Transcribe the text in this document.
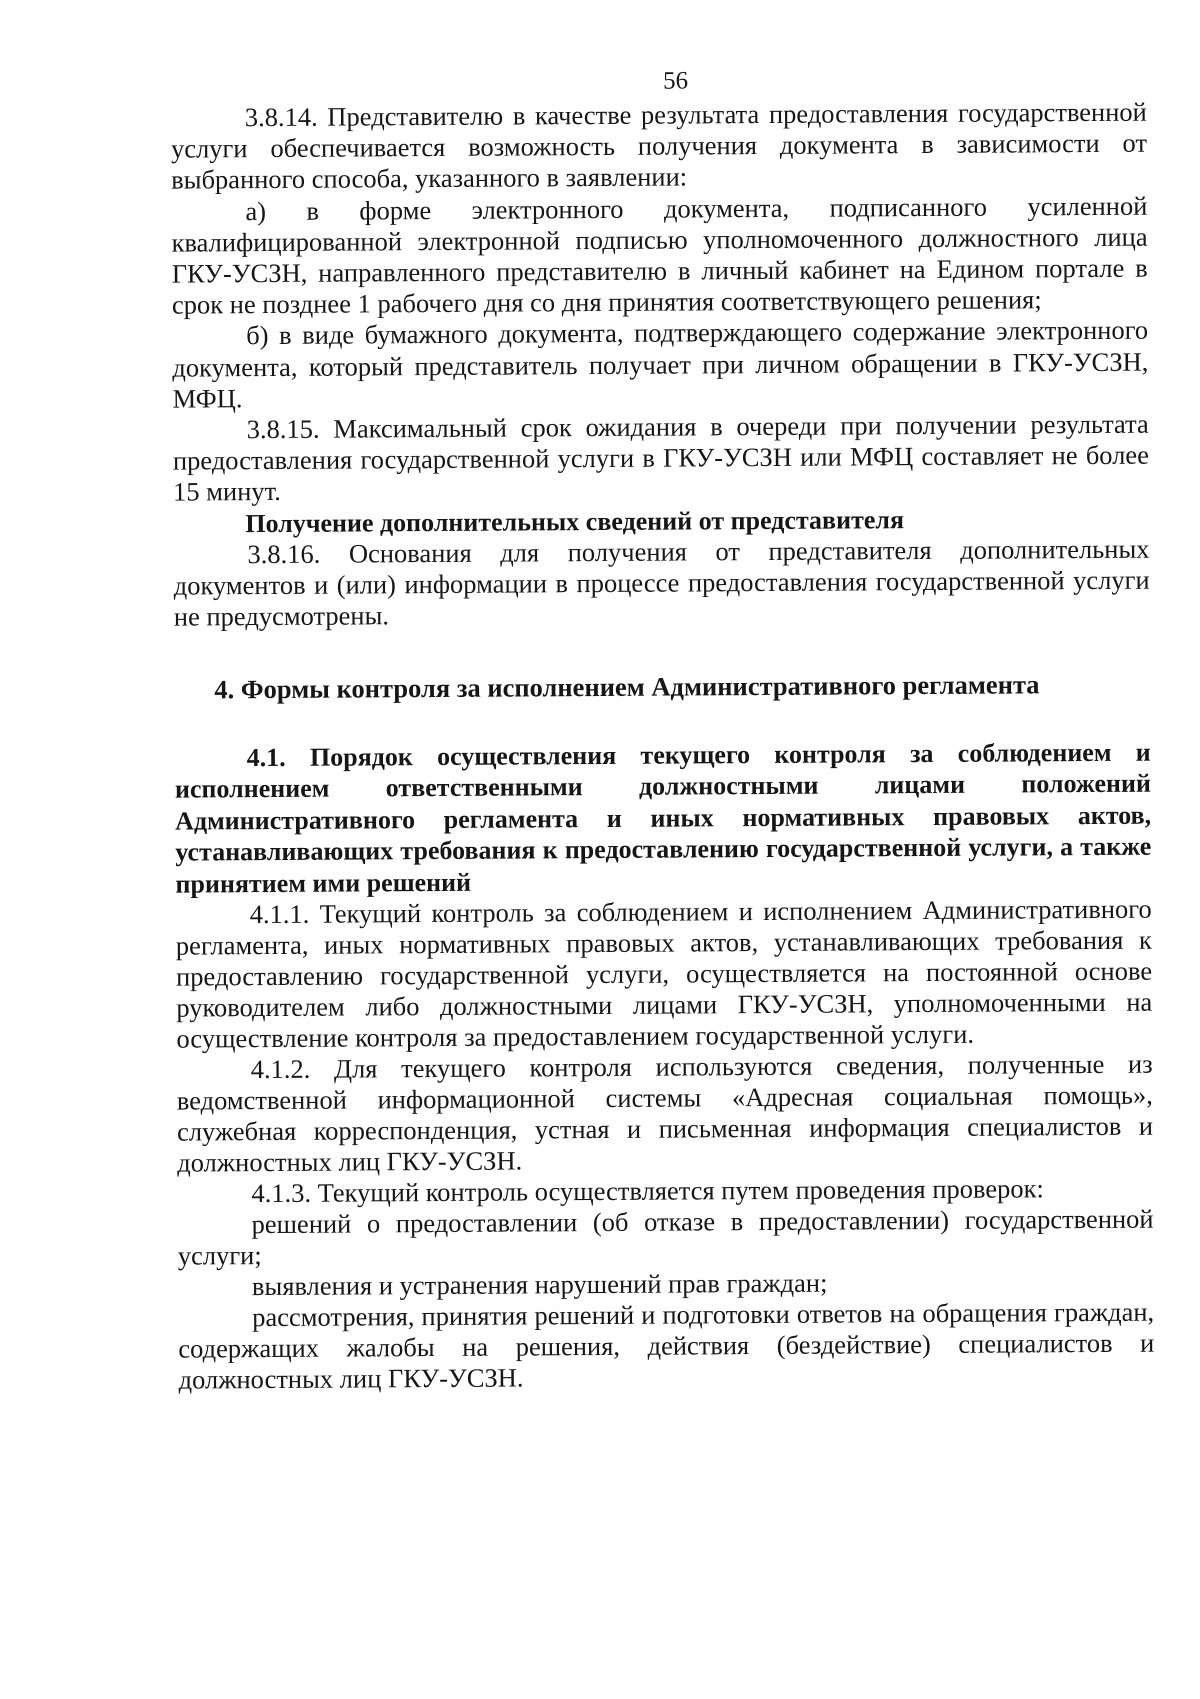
56

3.8.14. Представителю в качестве результата предоставления государственной услуги обеспечивается возможность получения документа в зависимости от выбранного способа, указанного в заявлении:

а) в форме электронного документа, подписанного усиленной квалифицированной электронной подписью уполномоченного должностного лица ГКУ-УСЗН, направленного представителю в личный кабинет на Едином портале в срок не позднее 1 рабочего дня со дня принятия соответствующего решения;

б) в виде бумажного документа, подтверждающего содержание электронного документа, который представитель получает при личном обращении в ГКУ-УСЗН, МФЦ.

3.8.15. Максимальный срок ожидания в очереди при получении результата предоставления государственной услуги в ГКУ-УСЗН или МФЦ составляет не более 15 минут.

Получение дополнительных сведений от представителя

3.8.16. Основания для получения от представителя дополнительных документов и (или) информации в процессе предоставления государственной услуги не предусмотрены.

4. Формы контроля за исполнением Административного регламента

4.1. Порядок осуществления текущего контроля за соблюдением и исполнением ответственными должностными лицами положений Административного регламента и иных нормативных правовых актов, устанавливающих требования к предоставлению государственной услуги, а также принятием ими решений

4.1.1. Текущий контроль за соблюдением и исполнением Административного регламента, иных нормативных правовых актов, устанавливающих требования к предоставлению государственной услуги, осуществляется на постоянной основе руководителем либо должностными лицами ГКУ-УСЗН, уполномоченными на осуществление контроля за предоставлением государственной услуги.

4.1.2. Для текущего контроля используются сведения, полученные из ведомственной информационной системы «Адресная социальная помощь», служебная корреспонденция, устная и письменная информация специалистов и должностных лиц ГКУ-УСЗН.

4.1.3. Текущий контроль осуществляется путем проведения проверок:

решений о предоставлении (об отказе в предоставлении) государственной услуги;

выявления и устранения нарушений прав граждан;

рассмотрения, принятия решений и подготовки ответов на обращения граждан, содержащих жалобы на решения, действия (бездействие) специалистов и должностных лиц ГКУ-УСЗН.
